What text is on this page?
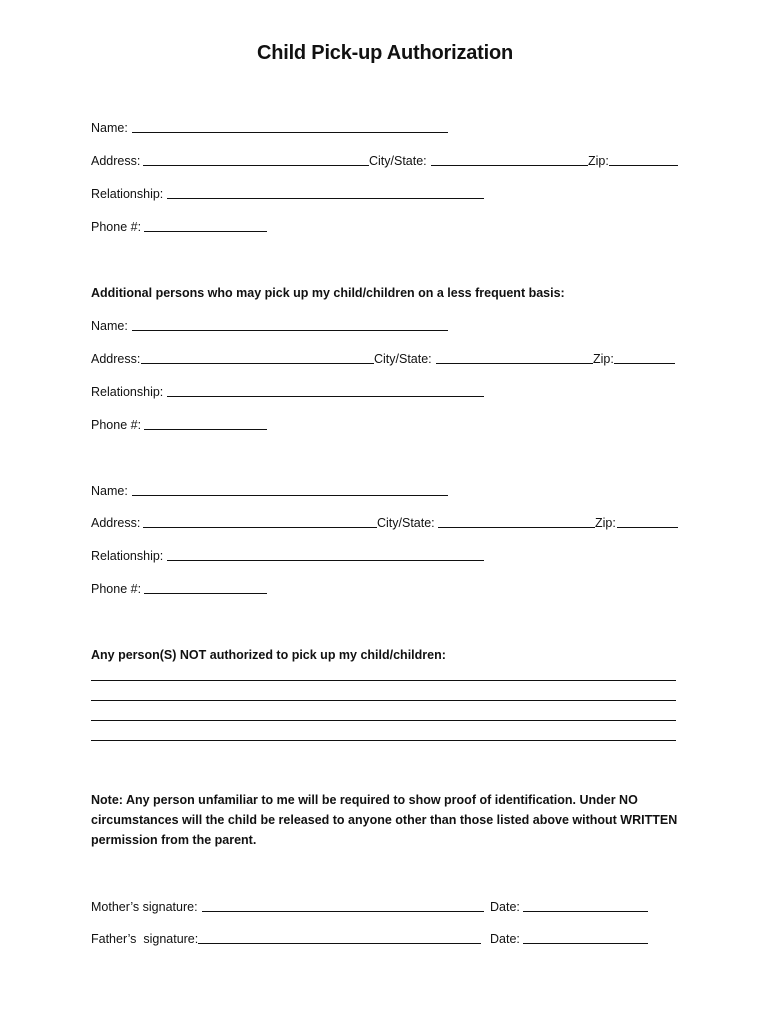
Child Pick-up Authorization
Name:
Address:	City/State:	Zip:
Relationship:
Phone #:
Additional persons who may pick up my child/children on a less frequent basis:
Name:
Address:	City/State:	Zip:
Relationship:
Phone #:
Name:
Address:	City/State:	Zip:
Relationship:
Phone #:
Any person(S) NOT authorized to pick up my child/children:
Note: Any person unfamiliar to me will be required to show proof of identification. Under NO circumstances will the child be released to anyone other than those listed above without WRITTEN permission from the parent.
Mother’s signature:	Date:
Father’s  signature:	Date:
